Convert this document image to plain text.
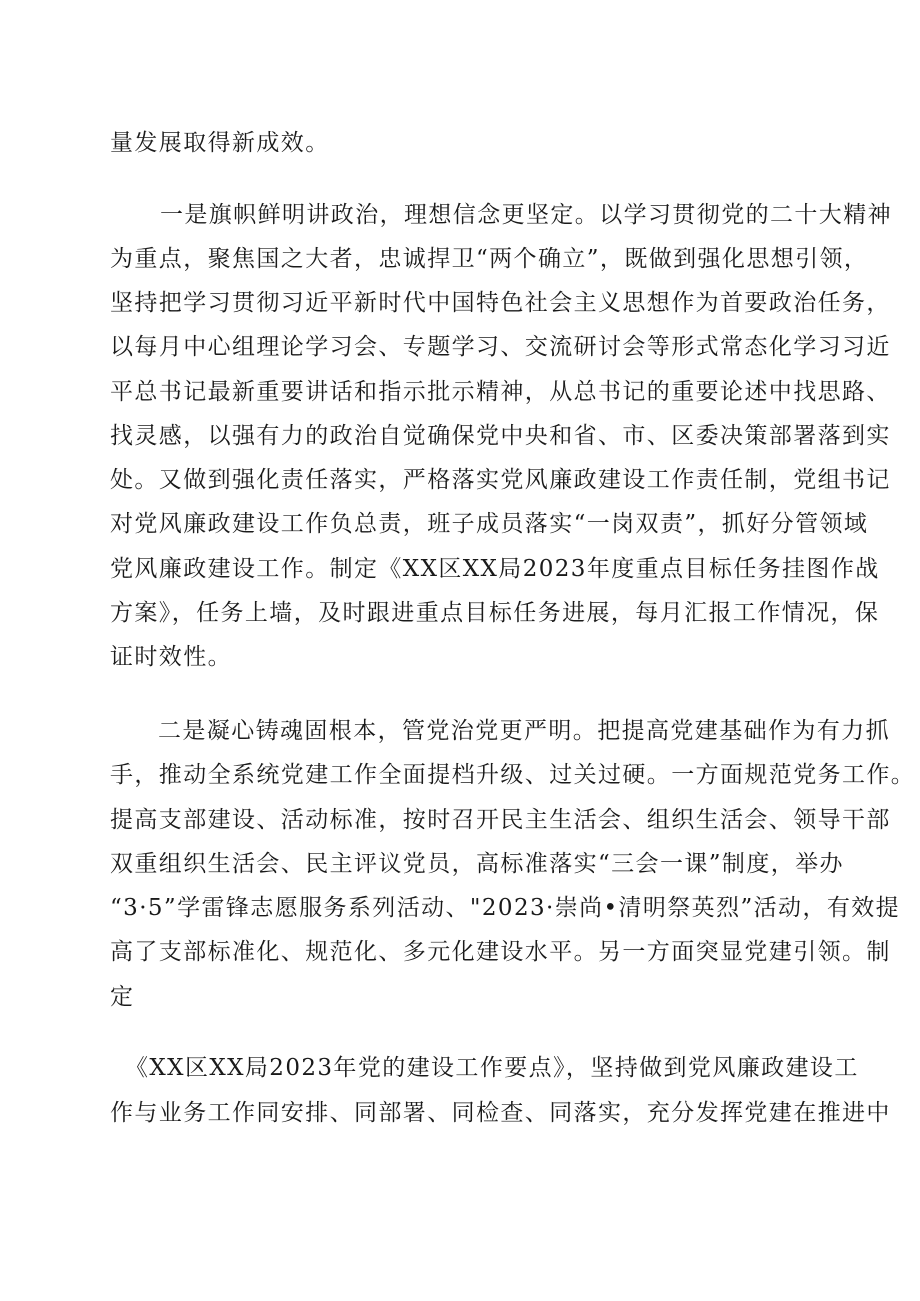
量发展取得新成效。
一是旗帜鲜明讲政治，理想信念更坚定。以学习贯彻党的二十大精神
为重点，聚焦国之大者，忠诚捍卫“两个确立”，既做到强化思想引领，
坚持把学习贯彻习近平新时代中国特色社会主义思想作为首要政治任务，
以每月中心组理论学习会、专题学习、交流研讨会等形式常态化学习习近
平总书记最新重要讲话和指示批示精神，从总书记的重要论述中找思路、
找灵感，以强有力的政治自觉确保党中央和省、市、区委决策部署落到实
处。又做到强化责任落实，严格落实党风廉政建设工作责任制，党组书记
对党风廉政建设工作负总责，班子成员落实“一岗双责”，抓好分管领域
党风廉政建设工作。制定《XX区XX局2023年度重点目标任务挂图作战
方案》，任务上墙，及时跟进重点目标任务进展，每月汇报工作情况，保
证时效性。
二是凝心铸魂固根本，管党治党更严明。把提高党建基础作为有力抓
手，推动全系统党建工作全面提档升级、过关过硬。一方面规范党务工作。
提高支部建设、活动标准，按时召开民主生活会、组织生活会、领导干部
双重组织生活会、民主评议党员，高标准落实“三会一课”制度，举办
“3·5”学雷锋志愿服务系列活动、"2023·崇尚•清明祭英烈”活动，有效提
高了支部标准化、规范化、多元化建设水平。另一方面突显党建引领。制
定
《XX区XX局2023年党的建设工作要点》，坚持做到党风廉政建设工
作与业务工作同安排、同部署、同检查、同落实，充分发挥党建在推进中
